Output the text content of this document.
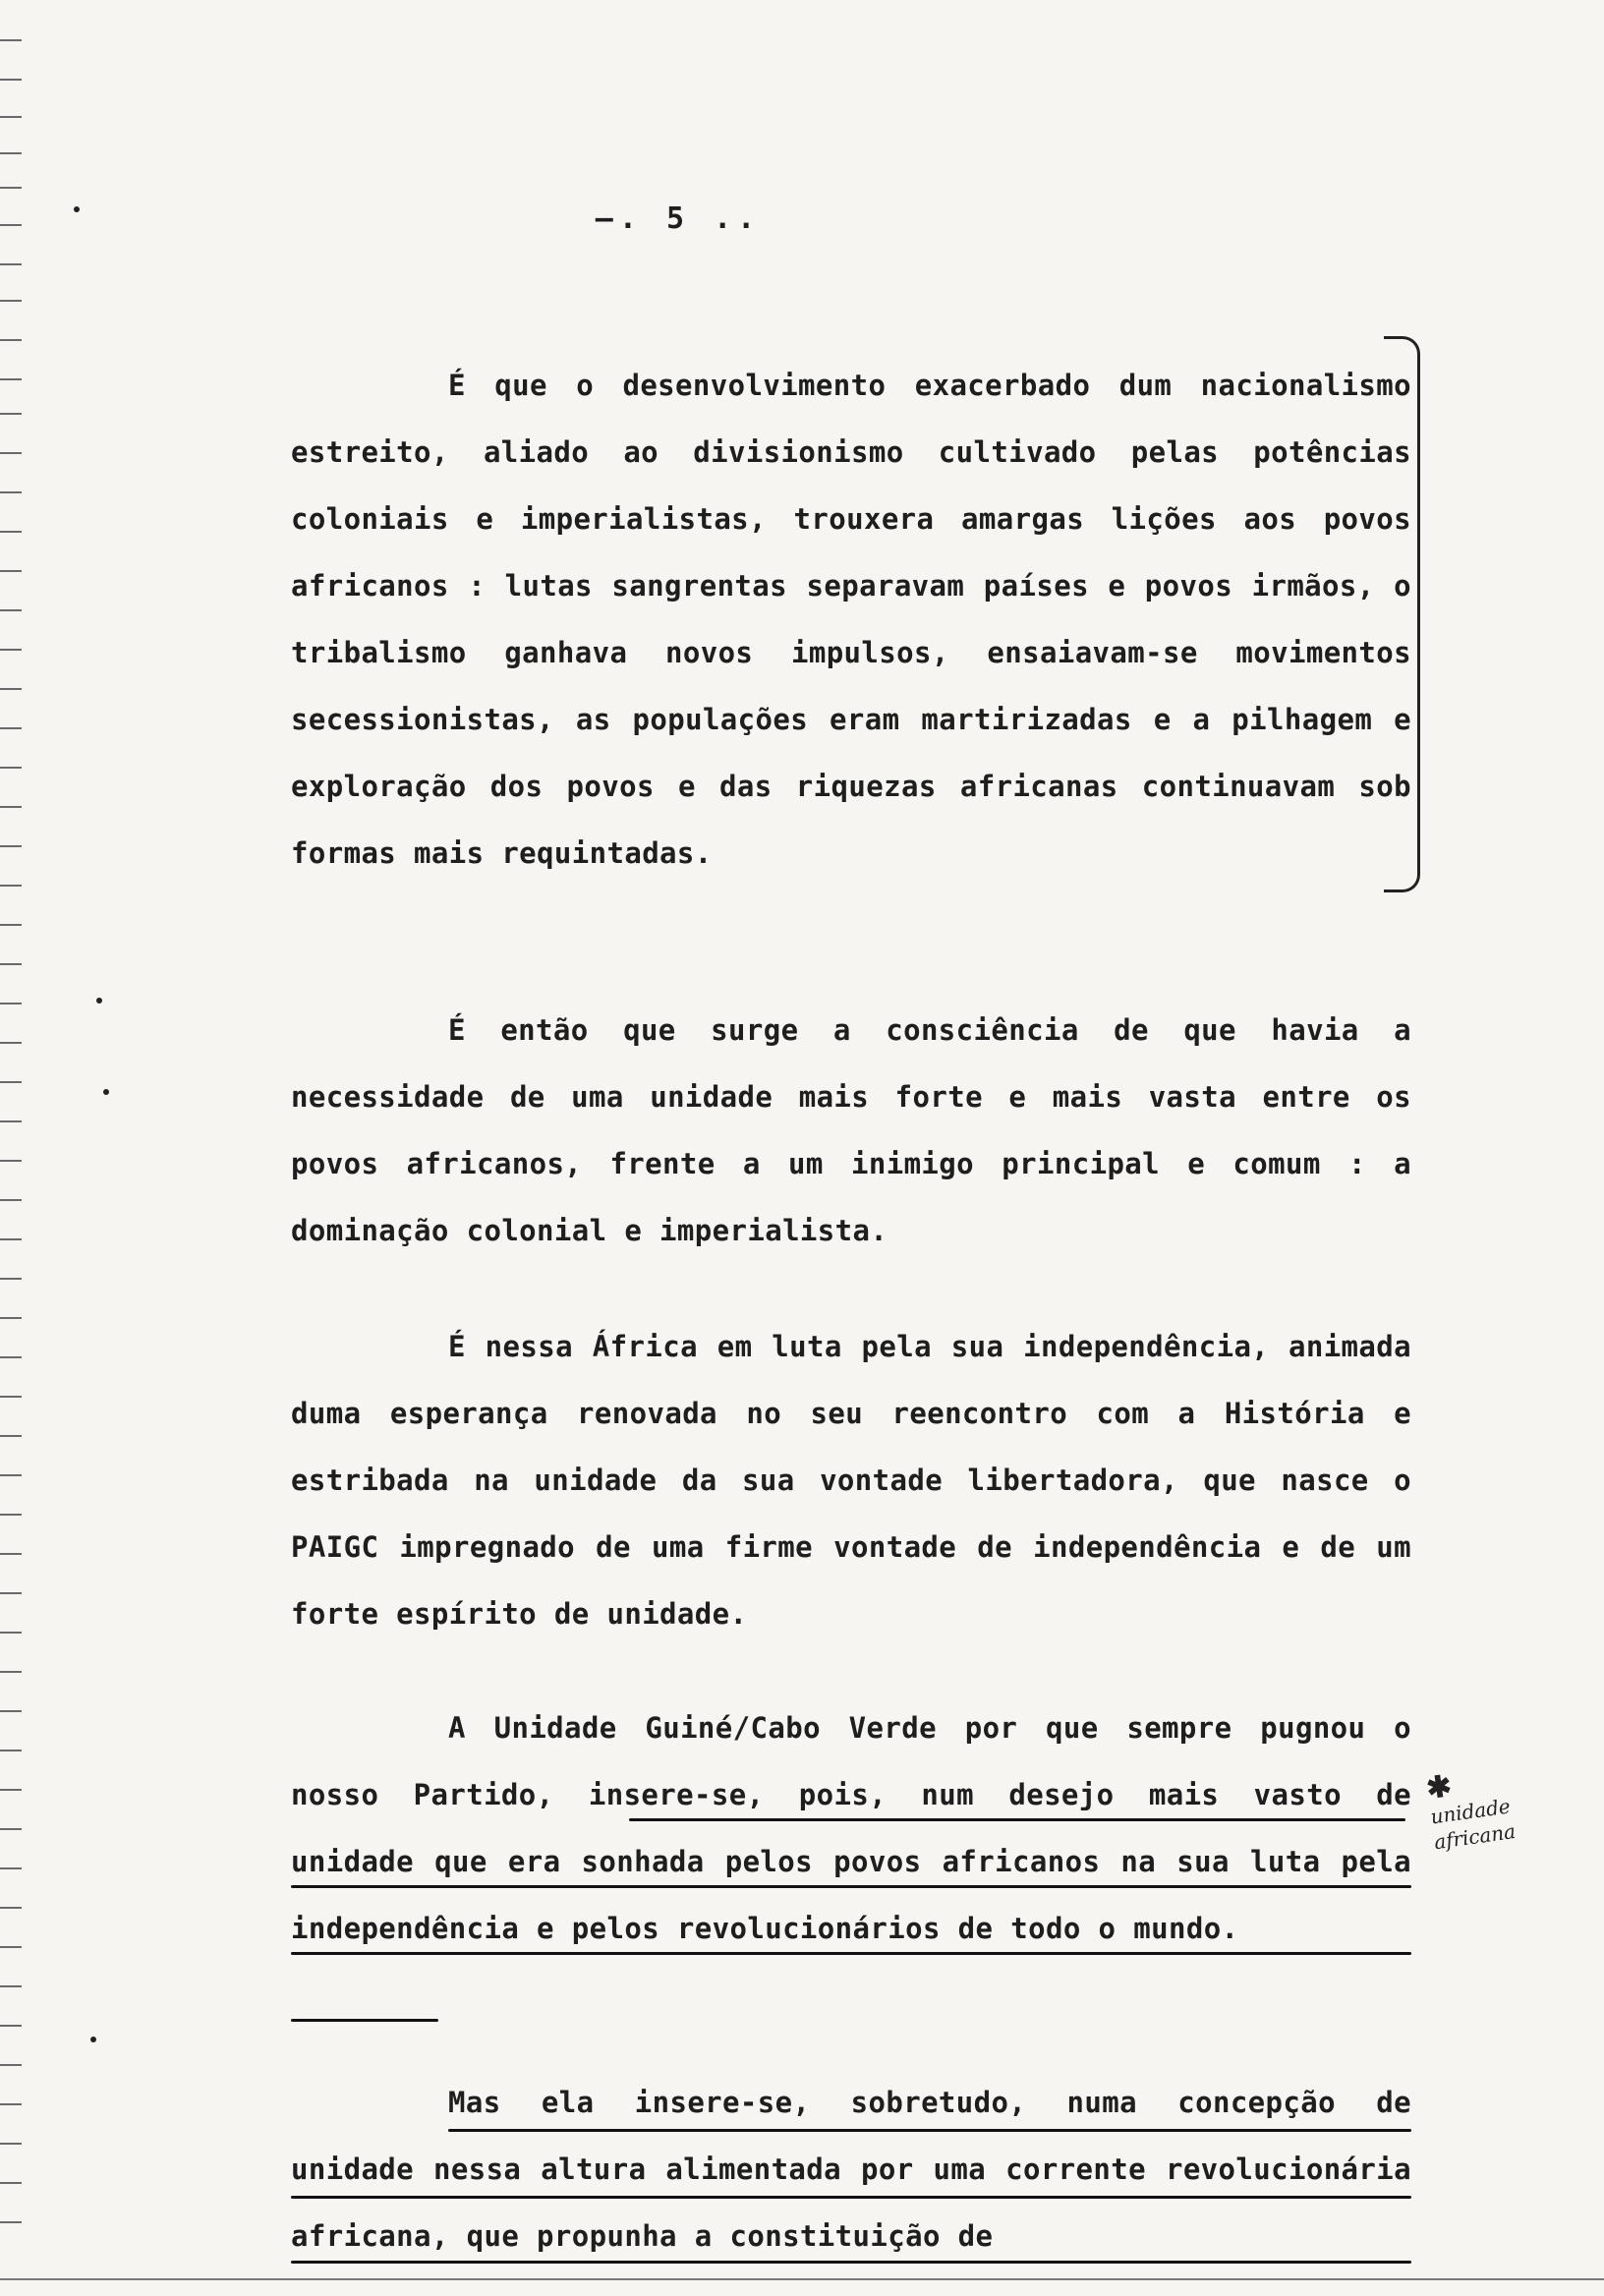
—. 5 ..

É que o desenvolvimento exacerbado dum nacionalismo estreito, aliado ao divisionismo cultivado pelas potências coloniais e imperialistas, trouxera amargas lições aos povos africanos : lutas sangrentas separavam países e povos irmãos, o tribalismo ganhava novos impulsos, ensaiavam-se movimentos secessionistas, as populações eram martirizadas e a pilhagem e exploração dos povos e das riquezas africanas continuavam sob formas mais requintadas.

É então que surge a consciência de que havia a necessidade de uma unidade mais forte e mais vasta entre os povos africanos, frente a um inimigo principal e comum : a dominação colonial e imperialista.

É nessa África em luta pela sua independência, animada duma esperança renovada no seu reencontro com a História e estribada na unidade da sua vontade libertadora, que nasce o PAIGC impregnado de uma firme vontade de independência e de um forte espírito de unidade.

A Unidade Guiné/Cabo Verde por que sempre pugnou o nosso Partido, insere-se, pois, num desejo mais vasto de unidade que era sonhada pelos povos africanos na sua luta pela independência e pelos revolucionários de todo o mundo.

Mas ela insere-se, sobretudo, numa concepção de unidade nessa altura alimentada por uma corrente revolucionária africana, que propunha a constituição de

✱ unidade africana
